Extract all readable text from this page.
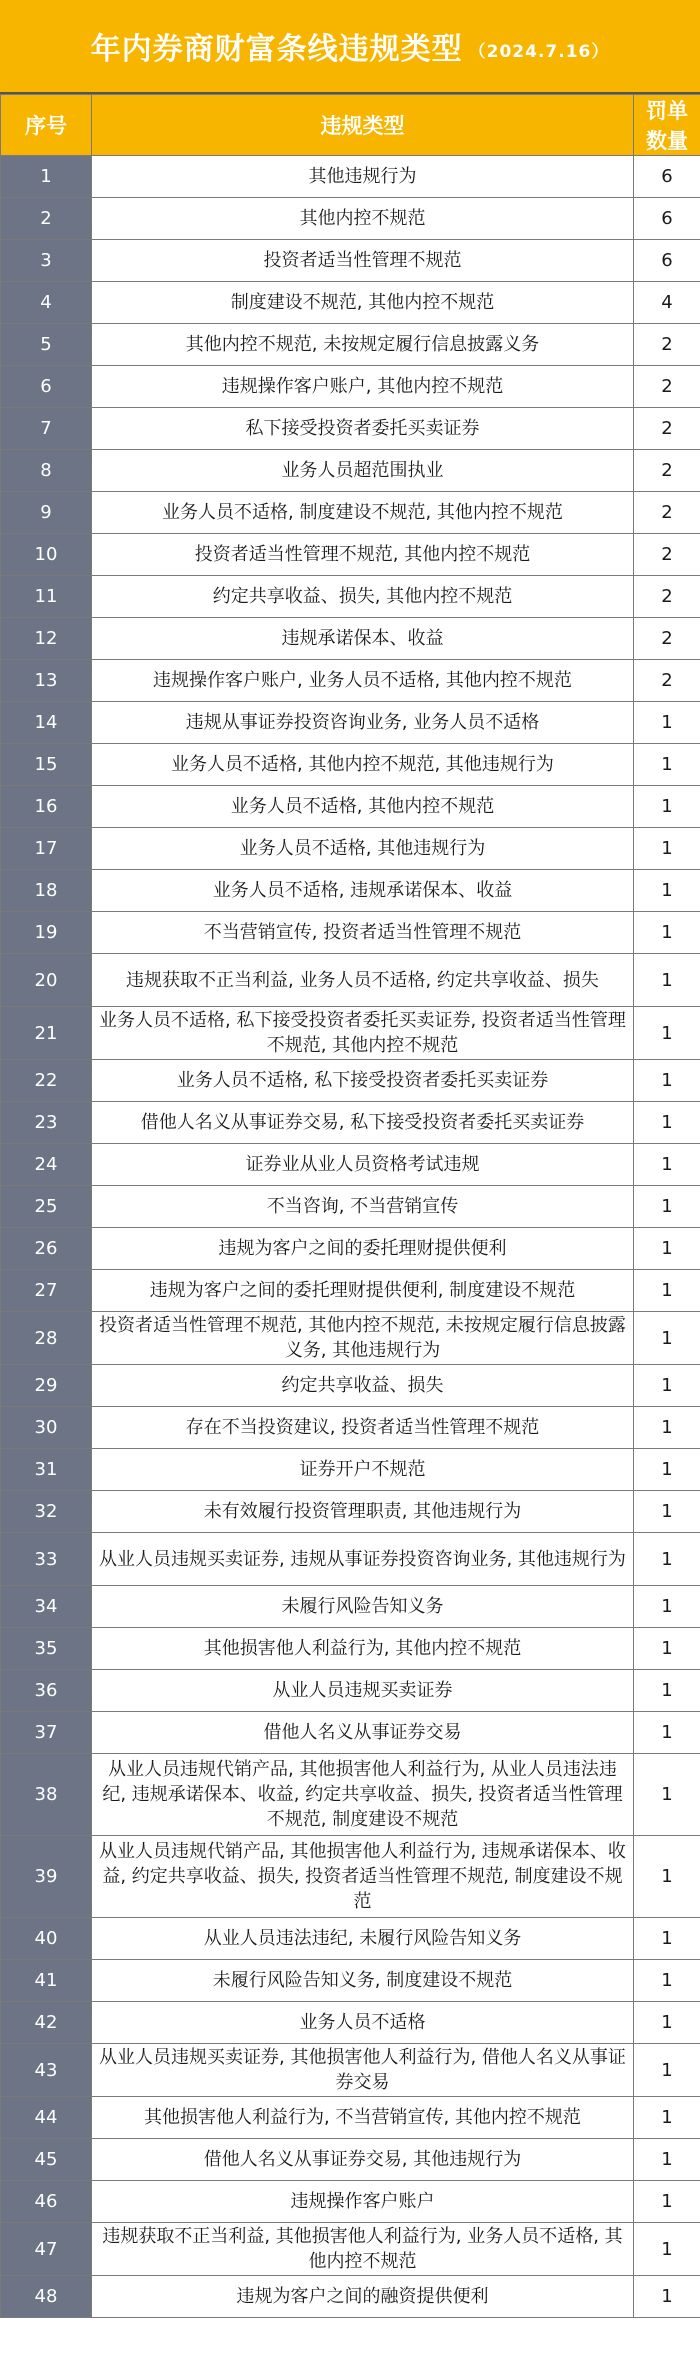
年内券商财富条线违规类型 （2024.7.16）
序号	违规类型	罚单数量
1	其他违规行为	6
2	其他内控不规范	6
3	投资者适当性管理不规范	6
4	制度建设不规范, 其他内控不规范	4
5	其他内控不规范, 未按规定履行信息披露义务	2
6	违规操作客户账户, 其他内控不规范	2
7	私下接受投资者委托买卖证券	2
8	业务人员超范围执业	2
9	业务人员不适格, 制度建设不规范, 其他内控不规范	2
10	投资者适当性管理不规范, 其他内控不规范	2
11	约定共享收益、损失, 其他内控不规范	2
12	违规承诺保本、收益	2
13	违规操作客户账户, 业务人员不适格, 其他内控不规范	2
14	违规从事证券投资咨询业务, 业务人员不适格	1
15	业务人员不适格, 其他内控不规范, 其他违规行为	1
16	业务人员不适格, 其他内控不规范	1
17	业务人员不适格, 其他违规行为	1
18	业务人员不适格, 违规承诺保本、收益	1
19	不当营销宣传, 投资者适当性管理不规范	1
20	违规获取不正当利益, 业务人员不适格, 约定共享收益、损失	1
21	业务人员不适格, 私下接受投资者委托买卖证券, 投资者适当性管理不规范, 其他内控不规范	1
22	业务人员不适格, 私下接受投资者委托买卖证券	1
23	借他人名义从事证券交易, 私下接受投资者委托买卖证券	1
24	证券业从业人员资格考试违规	1
25	不当咨询, 不当营销宣传	1
26	违规为客户之间的委托理财提供便利	1
27	违规为客户之间的委托理财提供便利, 制度建设不规范	1
28	投资者适当性管理不规范, 其他内控不规范, 未按规定履行信息披露义务, 其他违规行为	1
29	约定共享收益、损失	1
30	存在不当投资建议, 投资者适当性管理不规范	1
31	证券开户不规范	1
32	未有效履行投资管理职责, 其他违规行为	1
33	从业人员违规买卖证券, 违规从事证券投资咨询业务, 其他违规行为	1
34	未履行风险告知义务	1
35	其他损害他人利益行为, 其他内控不规范	1
36	从业人员违规买卖证券	1
37	借他人名义从事证券交易	1
38	从业人员违规代销产品, 其他损害他人利益行为, 从业人员违法违纪, 违规承诺保本、收益, 约定共享收益、损失, 投资者适当性管理不规范, 制度建设不规范	1
39	从业人员违规代销产品, 其他损害他人利益行为, 违规承诺保本、收益, 约定共享收益、损失, 投资者适当性管理不规范, 制度建设不规范	1
40	从业人员违法违纪, 未履行风险告知义务	1
41	未履行风险告知义务, 制度建设不规范	1
42	业务人员不适格	1
43	从业人员违规买卖证券, 其他损害他人利益行为, 借他人名义从事证券交易	1
44	其他损害他人利益行为, 不当营销宣传, 其他内控不规范	1
45	借他人名义从事证券交易, 其他违规行为	1
46	违规操作客户账户	1
47	违规获取不正当利益, 其他损害他人利益行为, 业务人员不适格, 其他内控不规范	1
48	违规为客户之间的融资提供便利	1
